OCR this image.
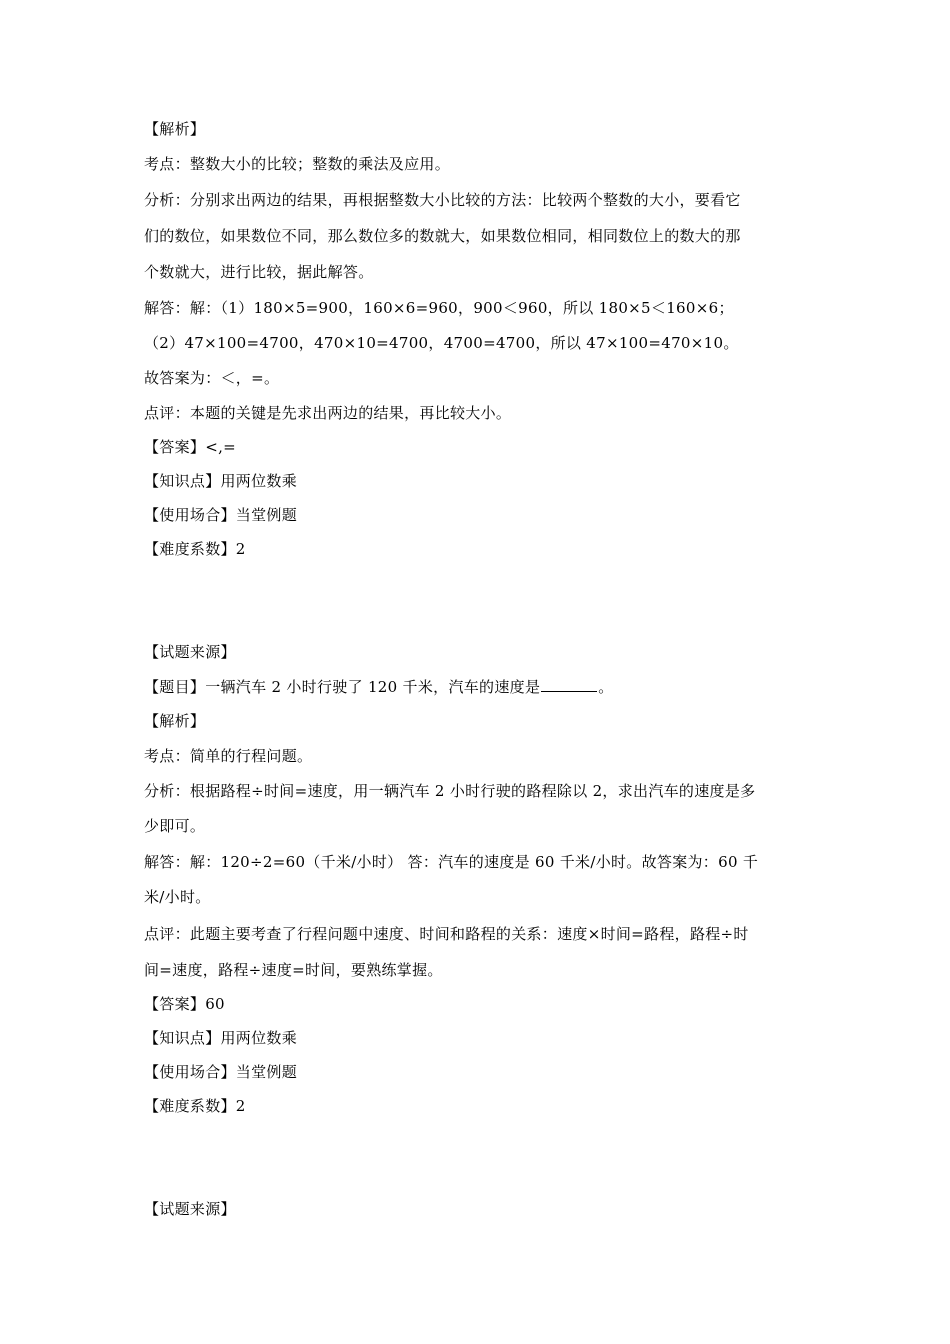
【解析】
考点：整数大小的比较；整数的乘法及应用。
分析：分别求出两边的结果，再根据整数大小比较的方法：比较两个整数的大小，要看它
们的数位，如果数位不同，那么数位多的数就大，如果数位相同，相同数位上的数大的那
个数就大，进行比较，据此解答。
解答：解：（1）180×5=900，160×6=960，900＜960，所以 180×5＜160×6；
（2）47×100=4700，470×10=4700，4700=4700，所以 47×100=470×10。
故答案为：＜，=。
点评：本题的关键是先求出两边的结果，再比较大小。
【答案】<,=
【知识点】用两位数乘
【使用场合】当堂例题
【难度系数】2
【试题来源】
【题目】一辆汽车 2 小时行驶了 120 千米，汽车的速度是	。
【解析】
考点：简单的行程问题。
分析：根据路程÷时间=速度，用一辆汽车 2 小时行驶的路程除以 2，求出汽车的速度是多
少即可。
解答：解：120÷2=60（千米/小时） 答：汽车的速度是 60 千米/小时。故答案为：60 千
米/小时。
点评：此题主要考查了行程问题中速度、时间和路程的关系：速度×时间=路程，路程÷时
间=速度，路程÷速度=时间，要熟练掌握。
【答案】60
【知识点】用两位数乘
【使用场合】当堂例题
【难度系数】2
【试题来源】
